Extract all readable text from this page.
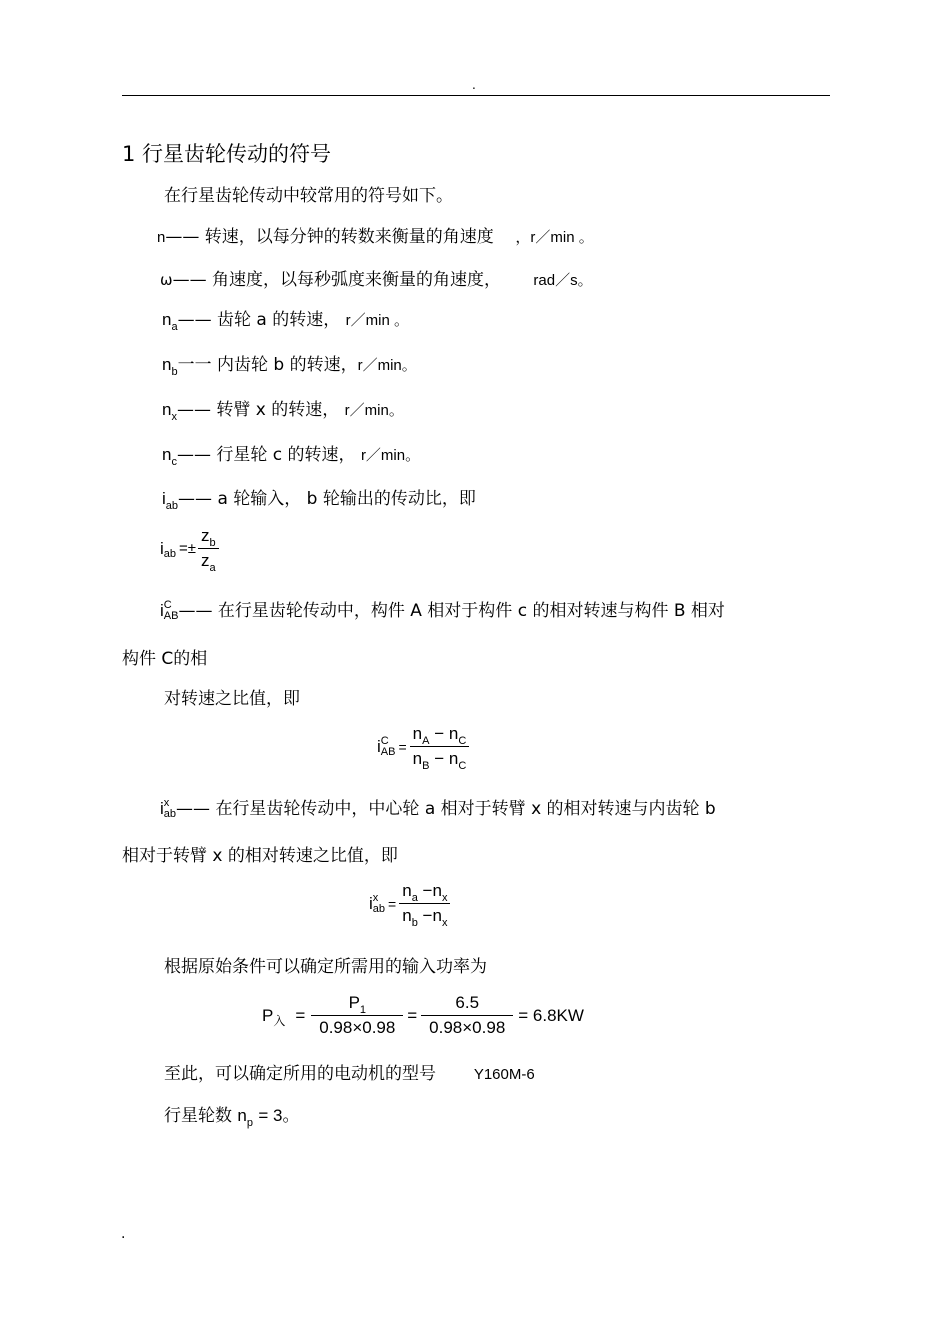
.
1 行星齿轮传动的符号
在行星齿轮传动中较常用的符号如下。
n—— 转速，以每分钟的转数来衡量的角速度 ，r／min 。
ω—— 角速度，以每秒弧度来衡量的角速度， rad／s。
$n_a——$ 齿轮 a 的转速， r／min 。
$n_b$一一 内齿轮 b 的转速，r／min。
$n_x——$ 转臂 x 的转速， r／min。
$n_c——$ 行星轮 c 的转速， r／min。
$i_{ab}——$ a 轮输入， b 轮输出的传动比，即
i ab =± $\frac{z_b}{z_a}$
i C
AB —— 在行星齿轮传动中，构件 A 相对于构件 c 的相对转速与构件 B 相对
构件 C的相
对转速之比值，即
i C
AB = $\frac{n_A - n_C}{n_B - n_C}$
i x
ab —— 在行星齿轮传动中，中心轮 a 相对于转臂 x 的相对转速与内齿轮 b
相对于转臂 x 的相对转速之比值，即
i x
ab = $\frac{n_a -n_x}{n_b -n_x}$
根据原始条件可以确定所需用的输入功率为
P 入 = $\frac{P_1}{0.98\times 0.98} = \frac{6.5}{0.98\times 0.98} = 6.8KW$
至此，可以确定所用的电动机的型号	Y160M-6
行星轮数 $n_p = 3$。
.
